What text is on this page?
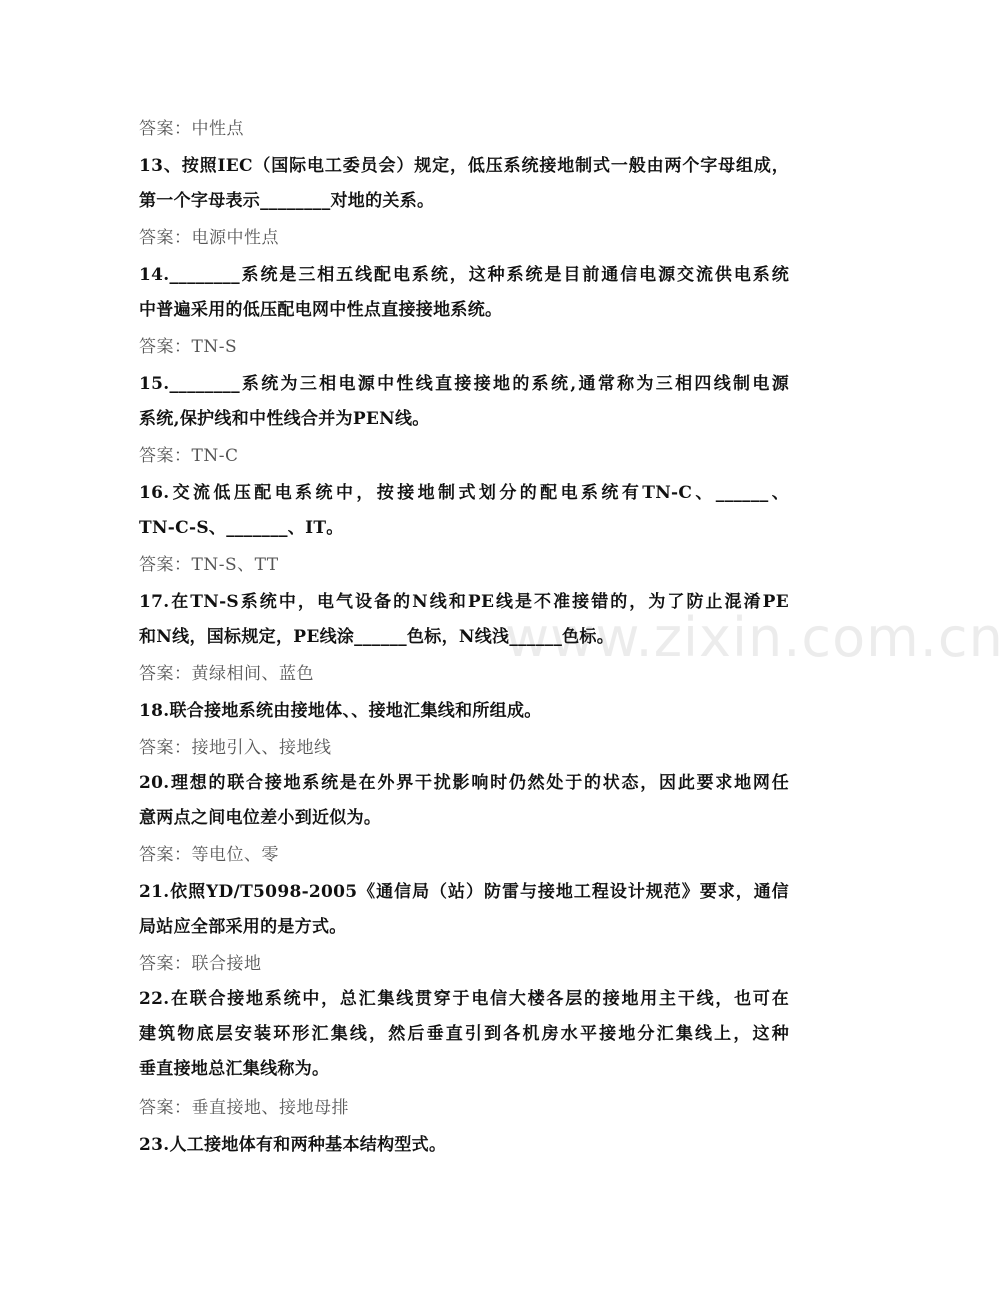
www.zixin.com.cn
答案：中性点
13、按照IEC（国际电工委员会）规定，低压系统接地制式一般由两个字母组成，
第一个字母表示________对地的关系。
答案：电源中性点
14.________系统是三相五线配电系统，这种系统是目前通信电源交流供电系统
中普遍采用的低压配电网中性点直接接地系统。
答案：TN-S
15.________系统为三相电源中性线直接接地的系统,通常称为三相四线制电源
系统,保护线和中性线合并为PEN线。
答案：TN-C
16.交流低压配电系统中，按接地制式划分的配电系统有TN-C、______、
TN-C-S、_______、IT。
答案：TN-S、TT
17.在TN-S系统中，电气设备的N线和PE线是不准接错的，为了防止混淆PE
和N线，国标规定，PE线涂______色标，N线浅______色标。
答案：黄绿相间、蓝色
18.联合接地系统由接地体、、接地汇集线和所组成。
答案：接地引入、接地线
20.理想的联合接地系统是在外界干扰影响时仍然处于的状态，因此要求地网任
意两点之间电位差小到近似为。
答案：等电位、零
21.依照YD/T5098-2005《通信局（站）防雷与接地工程设计规范》要求，通信
局站应全部采用的是方式。
答案：联合接地
22.在联合接地系统中，总汇集线贯穿于电信大楼各层的接地用主干线，也可在
建筑物底层安装环形汇集线，然后垂直引到各机房水平接地分汇集线上，这种
垂直接地总汇集线称为。
答案：垂直接地、接地母排
23.人工接地体有和两种基本结构型式。
